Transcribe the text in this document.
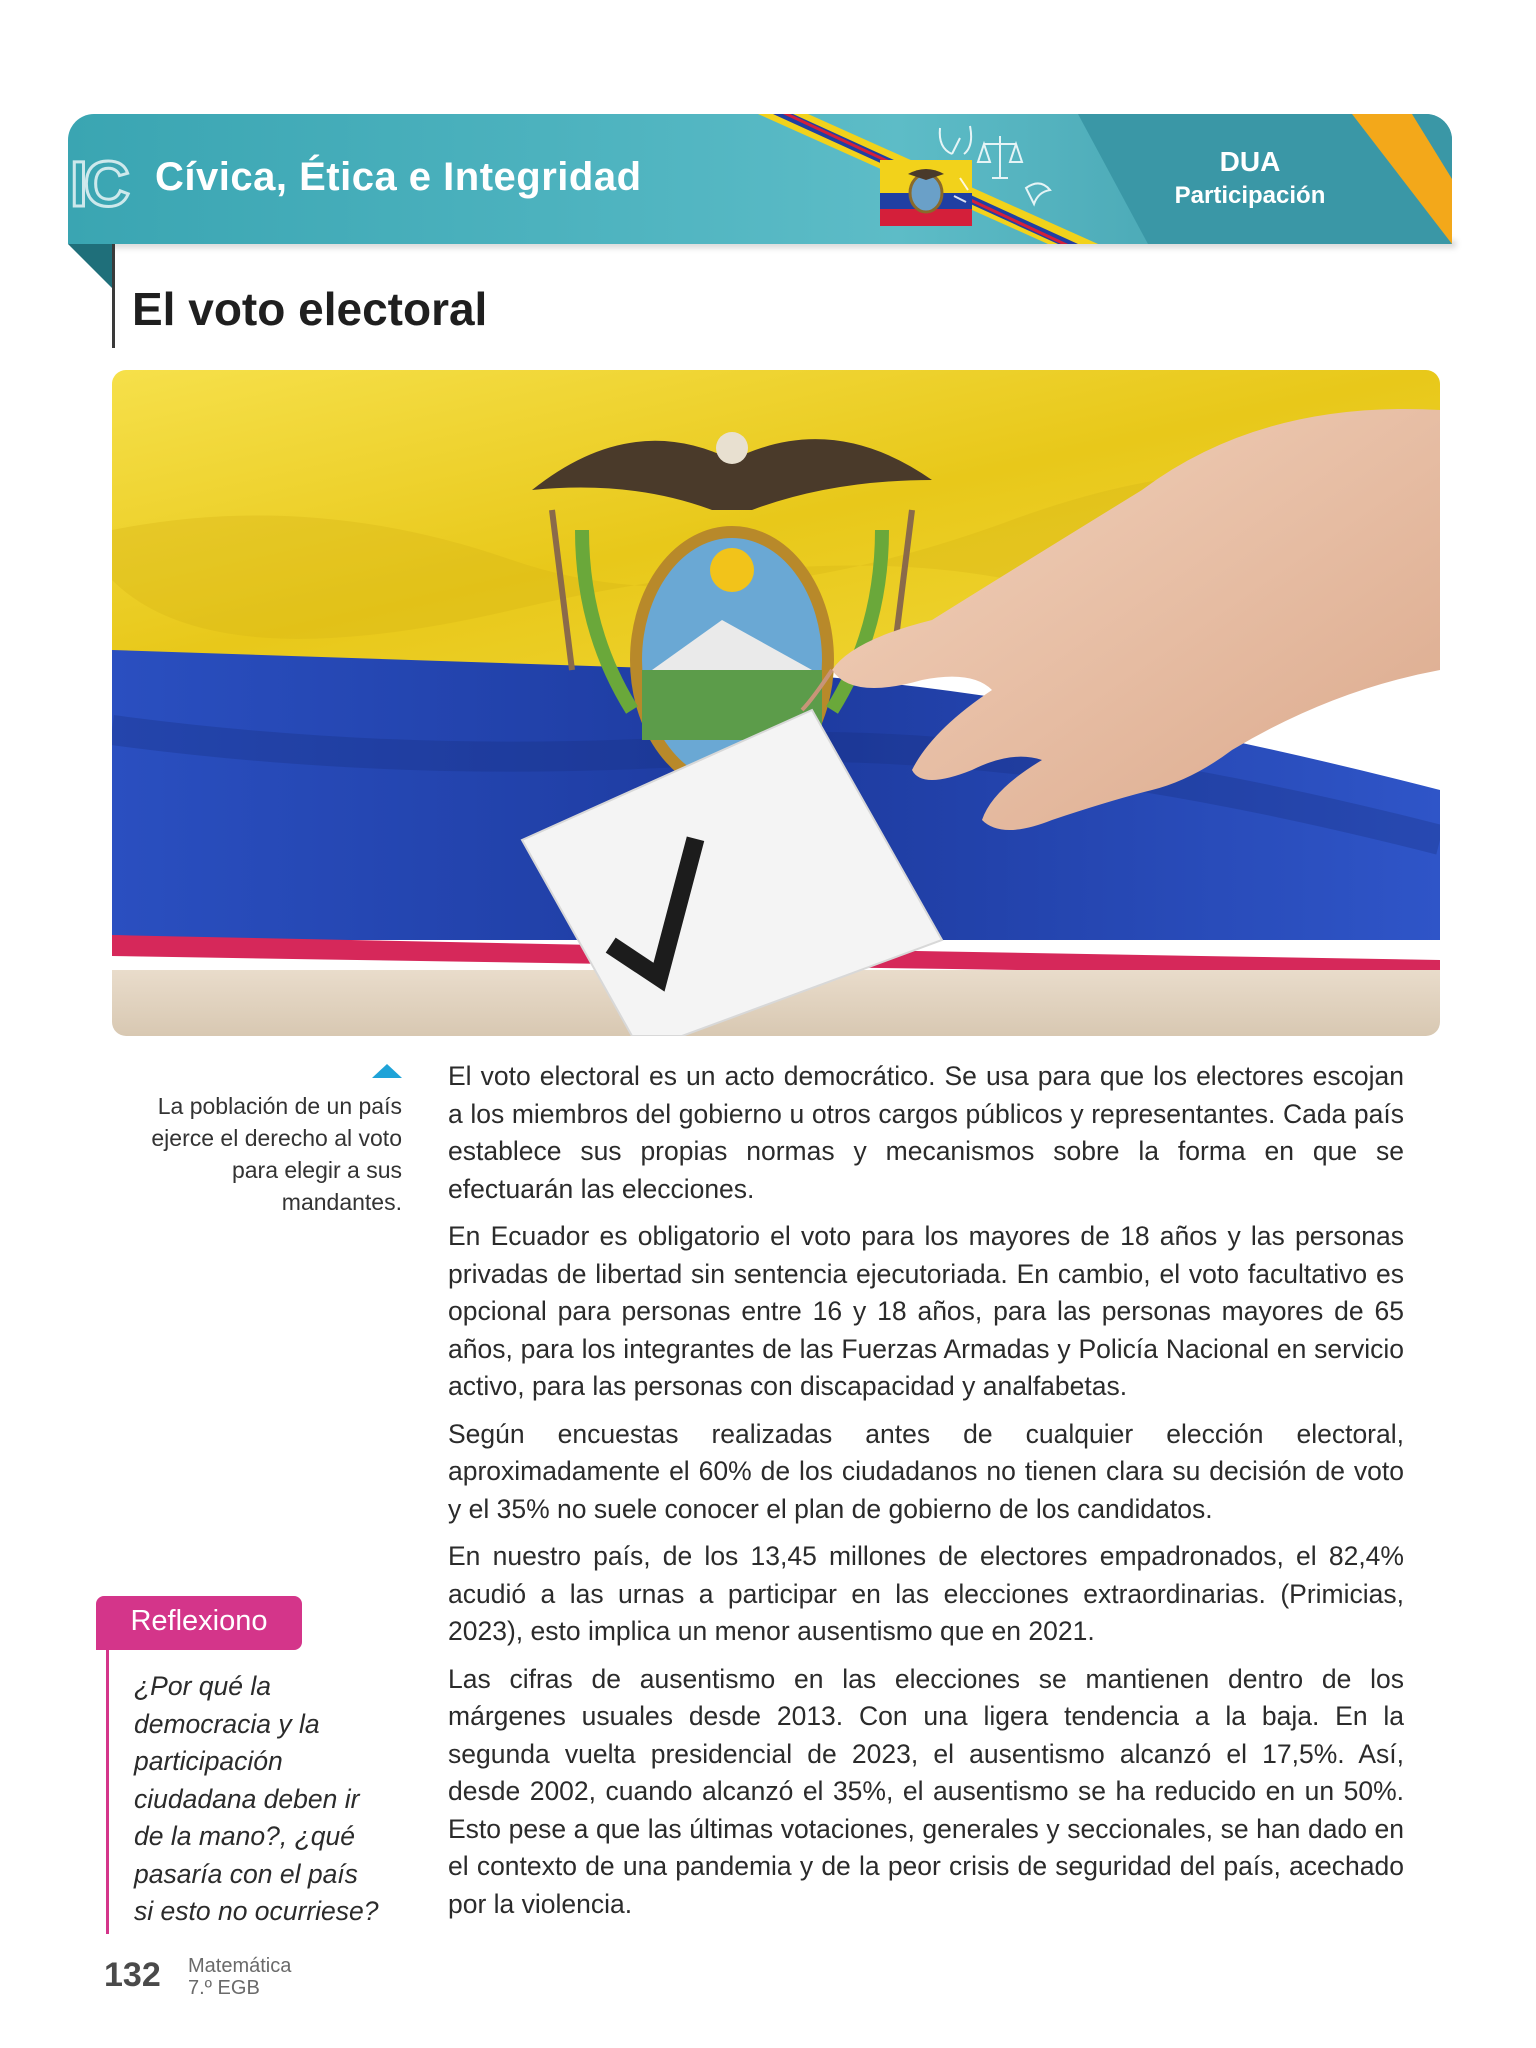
IC Cívica, Ética e Integridad	DUA
Participación
El voto electoral
La población de un país ejerce el derecho al voto para elegir a sus mandantes.

El voto electoral es un acto democrático. Se usa para que los electores escojan a los miembros del gobierno u otros cargos públicos y representantes. Cada país establece sus propias normas y mecanismos sobre la forma en que se efectuarán las elecciones.

En Ecuador es obligatorio el voto para los mayores de 18 años y las personas privadas de libertad sin sentencia ejecutoriada. En cambio, el voto facultativo es opcional para personas entre 16 y 18 años, para las personas mayores de 65 años, para los integrantes de las Fuerzas Armadas y Policía Nacional en servicio activo, para las personas con discapacidad y analfabetas.

Según encuestas realizadas antes de cualquier elección electoral, aproximadamente el 60% de los ciudadanos no tienen clara su decisión de voto y el 35% no suele conocer el plan de gobierno de los candidatos.

En nuestro país, de los 13,45 millones de electores empadronados, el 82,4% acudió a las urnas a participar en las elecciones extraordinarias. (Primicias, 2023), esto implica un menor ausentismo que en 2021.

Las cifras de ausentismo en las elecciones se mantienen dentro de los márgenes usuales desde 2013. Con una ligera tendencia a la baja. En la segunda vuelta presidencial de 2023, el ausentismo alcanzó el 17,5%. Así, desde 2002, cuando alcanzó el 35%, el ausentismo se ha reducido en un 50%. Esto pese a que las últimas votaciones, generales y seccionales, se han dado en el contexto de una pandemia y de la peor crisis de seguridad del país, acechado por la violencia.

Reflexiono
¿Por qué la democracia y la participación ciudadana deben ir de la mano?, ¿qué pasaría con el país si esto no ocurriese?
132 Matemática
7.º EGB
